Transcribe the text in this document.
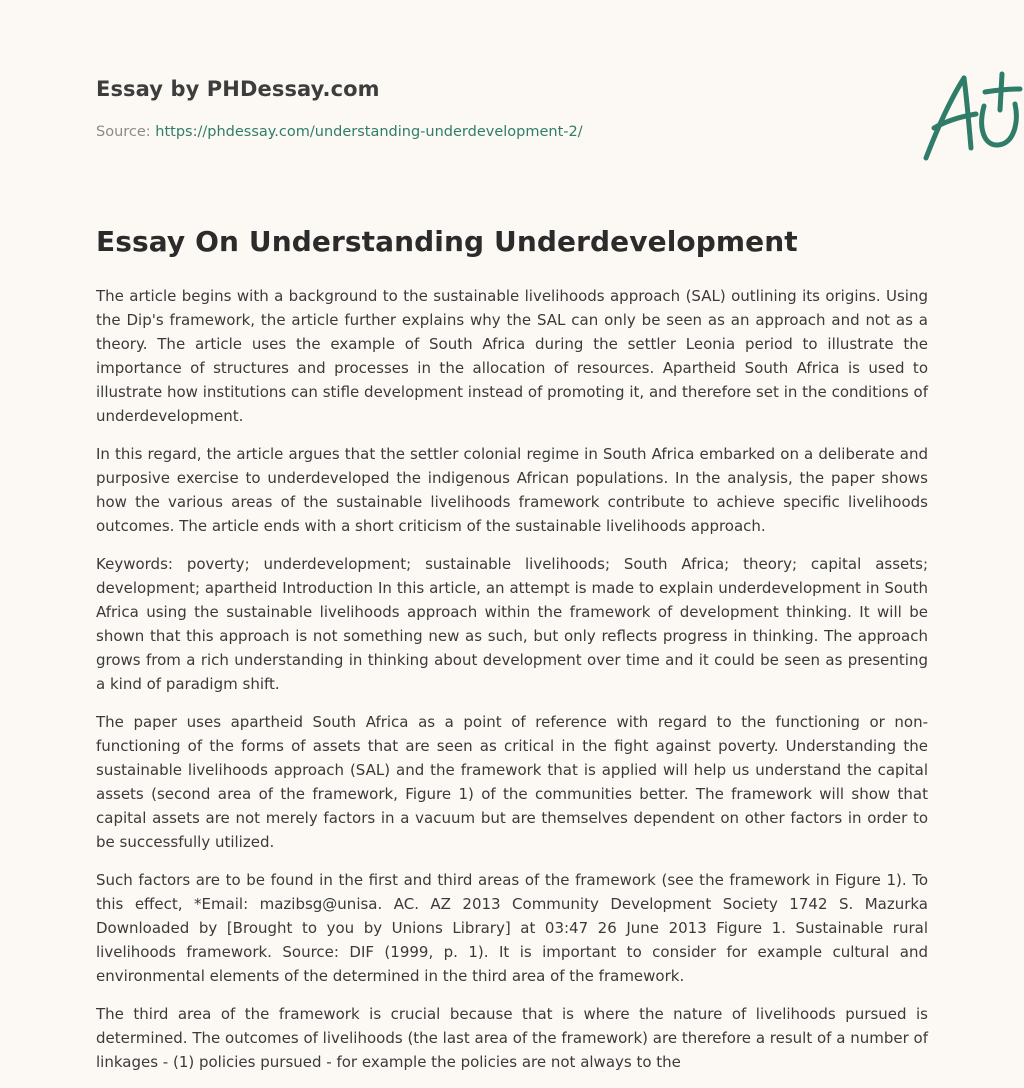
Essay by PHDessay.com
Source: https://phdessay.com/understanding-underdevelopment-2/
Essay On Understanding Underdevelopment

The article begins with a background to the sustainable livelihoods approach (SAL) outlining its origins. Using the Dip's framework, the article further explains why the SAL can only be seen as an approach and not as a theory. The article uses the example of South Africa during the settler Leonia period to illustrate the importance of structures and processes in the allocation of resources. Apartheid South Africa is used to illustrate how institutions can stifle development instead of promoting it, and therefore set in the conditions of underdevelopment.

In this regard, the article argues that the settler colonial regime in South Africa embarked on a deliberate and purposive exercise to underdeveloped the indigenous African populations. In the analysis, the paper shows how the various areas of the sustainable livelihoods framework contribute to achieve specific livelihoods outcomes. The article ends with a short criticism of the sustainable livelihoods approach.

Keywords: poverty; underdevelopment; sustainable livelihoods; South Africa; theory; capital assets; development; apartheid Introduction In this article, an attempt is made to explain underdevelopment in South Africa using the sustainable livelihoods approach within the framework of development thinking. It will be shown that this approach is not something new as such, but only reflects progress in thinking. The approach grows from a rich understanding in thinking about development over time and it could be seen as presenting a kind of paradigm shift.

The paper uses apartheid South Africa as a point of reference with regard to the functioning or non-functioning of the forms of assets that are seen as critical in the fight against poverty. Understanding the sustainable livelihoods approach (SAL) and the framework that is applied will help us understand the capital assets (second area of the framework, Figure 1) of the communities better. The framework will show that capital assets are not merely factors in a vacuum but are themselves dependent on other factors in order to be successfully utilized.

Such factors are to be found in the first and third areas of the framework (see the framework in Figure 1). To this effect, *Email: mazibsg@unisa. AC. AZ 2013 Community Development Society 1742 S. Mazurka Downloaded by [Brought to you by Unions Library] at 03:47 26 June 2013 Figure 1. Sustainable rural livelihoods framework. Source: DIF (1999, p. 1). It is important to consider for example cultural and environmental elements of the determined in the third area of the framework.

The third area of the framework is crucial because that is where the nature of livelihoods pursued is determined. The outcomes of livelihoods (the last area of the framework) are therefore a result of a number of linkages - (1) policies pursued - for example the policies are not always to the
